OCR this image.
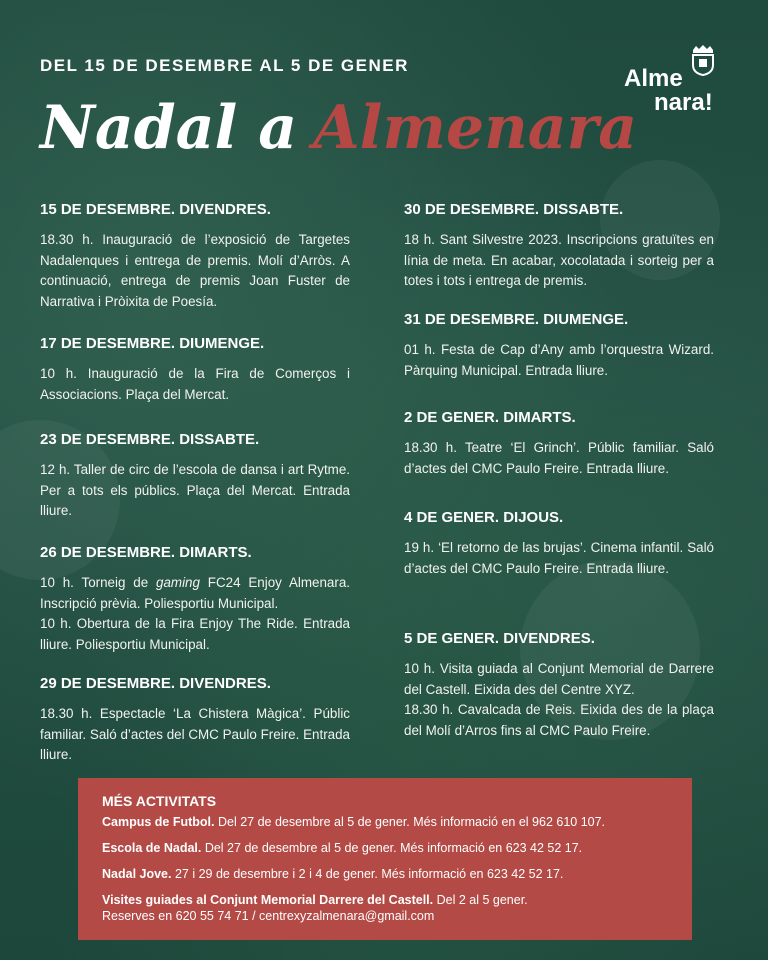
DEL 15 DE DESEMBRE AL 5 DE GENER
Nadal a Almenara
Alme
nara!
15 DE DESEMBRE. DIVENDRES.
18.30 h. Inauguració de l’exposició de Targetes Nadalenques i entrega de premis. Molí d’Arròs. A continuació, entrega de premis Joan Fuster de Narrativa i Pròixita de Poesía.
17 DE DESEMBRE. DIUMENGE.
10 h. Inauguració de la Fira de Comerços i Associacions. Plaça del Mercat.
23 DE DESEMBRE. DISSABTE.
12 h. Taller de circ de l’escola de dansa i art Rytme. Per a tots els públics. Plaça del Mercat. Entrada lliure.
26 DE DESEMBRE. DIMARTS.

10 h. Torneig de gaming FC24 Enjoy Almenara. Inscripció prèvia. Poliesportiu Municipal.

10 h. Obertura de la Fira Enjoy The Ride. Entrada lliure. Poliesportiu Municipal.

29 DE DESEMBRE. DIVENDRES.
18.30 h. Espectacle ‘La Chistera Màgica’. Públic familiar. Saló d’actes del CMC Paulo Freire. Entrada lliure.
30 DE DESEMBRE. DISSABTE.
18 h. Sant Silvestre 2023. Inscripcions gratuïtes en línia de meta. En acabar, xocolatada i sorteig per a totes i tots i entrega de premis.
31 DE DESEMBRE. DIUMENGE.
01 h. Festa de Cap d’Any amb l’orquestra Wizard. Pàrquing Municipal. Entrada lliure.
2 DE GENER. DIMARTS.
18.30 h. Teatre ‘El Grinch’. Públic familiar. Saló d’actes del CMC Paulo Freire. Entrada lliure.
4 DE GENER. DIJOUS.
19 h. ‘El retorno de las brujas’. Cinema infantil. Saló d’actes del CMC Paulo Freire. Entrada lliure.
5 DE GENER. DIVENDRES.

10 h. Visita guiada al Conjunt Memorial de Darrere del Castell. Eixida des del Centre XYZ.

18.30 h. Cavalcada de Reis. Eixida des de la plaça del Molí d’Arros fins al CMC Paulo Freire.

MÉS ACTIVITATS
Campus de Futbol. Del 27 de desembre al 5 de gener. Més informació en el 962 610 107.
Escola de Nadal. Del 27 de desembre al 5 de gener. Més informació en 623 42 52 17.
Nadal Jove. 27 i 29 de desembre i 2 i 4 de gener. Més informació en 623 42 52 17.
Visites guiades al Conjunt Memorial Darrere del Castell. Del 2 al 5 gener.
Reserves en 620 55 74 71 / centrexyzalmenara@gmail.com
